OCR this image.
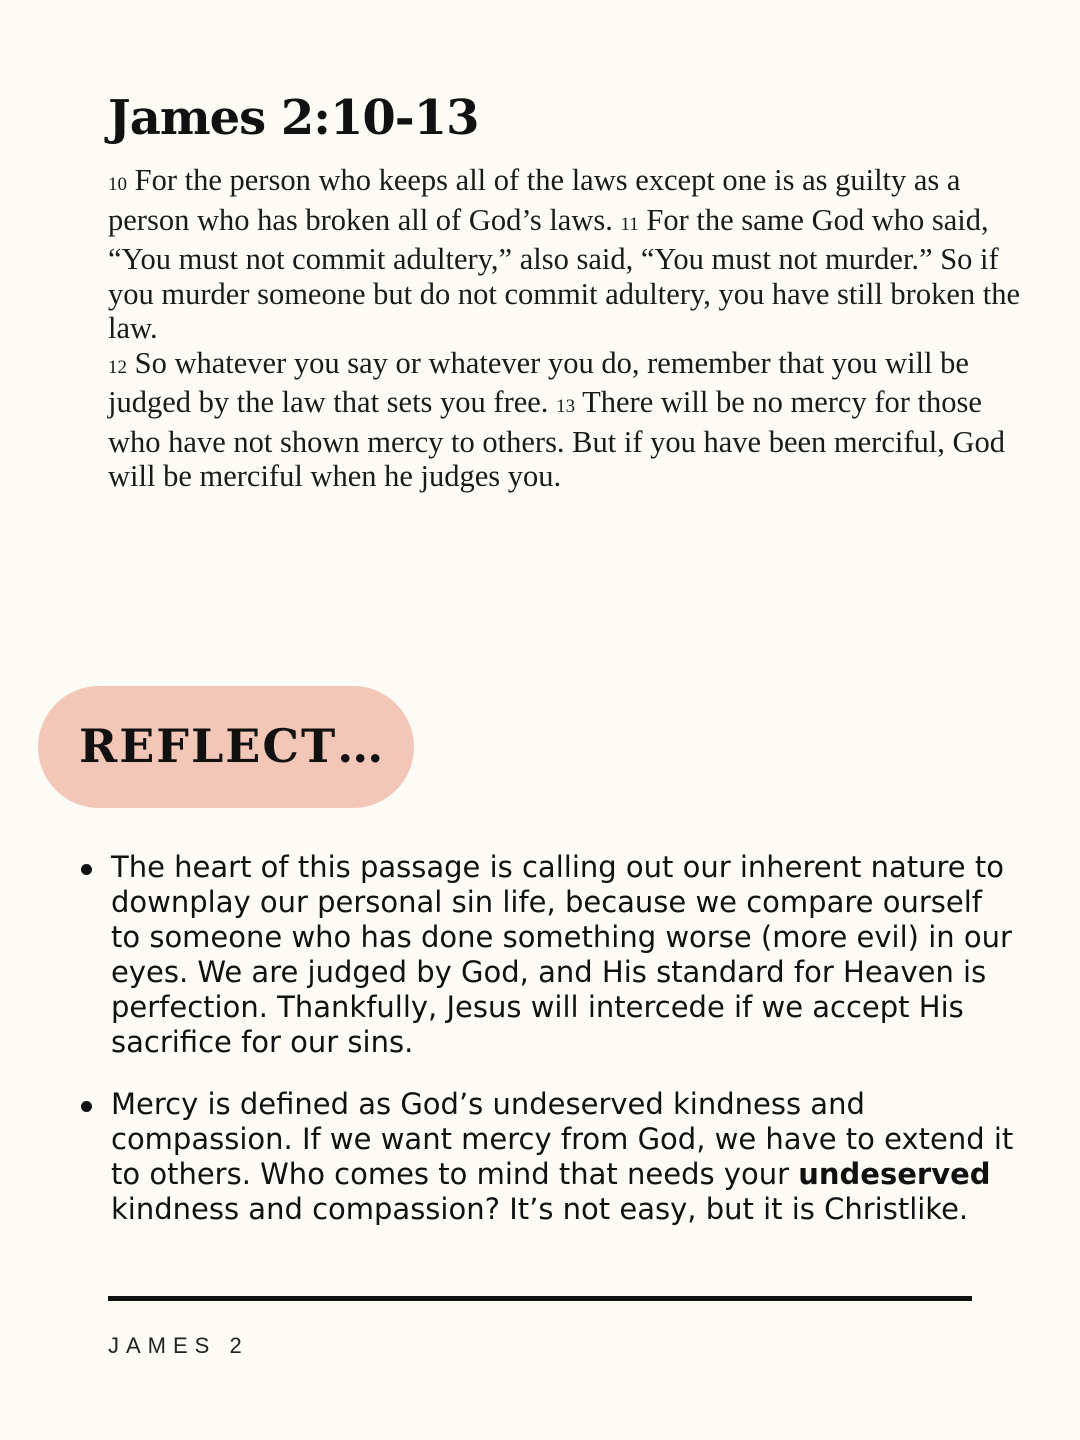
James 2:10-13

10 For the person who keeps all of the laws except one is as guilty as a person who has broken all of God’s laws. 11 For the same God who said, “You must not commit adultery,” also said, “You must not murder.” So if you murder someone but do not commit adultery, you have still broken the law.

12 So whatever you say or whatever you do, remember that you will be judged by the law that sets you free. 13 There will be no mercy for those who have not shown mercy to others. But if you have been merciful, God will be merciful when he judges you.

REFLECT…
The heart of this passage is calling out our inherent nature to downplay our personal sin life, because we compare ourself to someone who has done something worse (more evil) in our eyes. We are judged by God, and His standard for Heaven is perfection. Thankfully, Jesus will intercede if we accept His sacrifice for our sins.
Mercy is defined as God’s undeserved kindness and compassion. If we want mercy from God, we have to extend it to others. Who comes to mind that needs your undeserved kindness and compassion? It’s not easy, but it is Christlike.
JAMES 2
